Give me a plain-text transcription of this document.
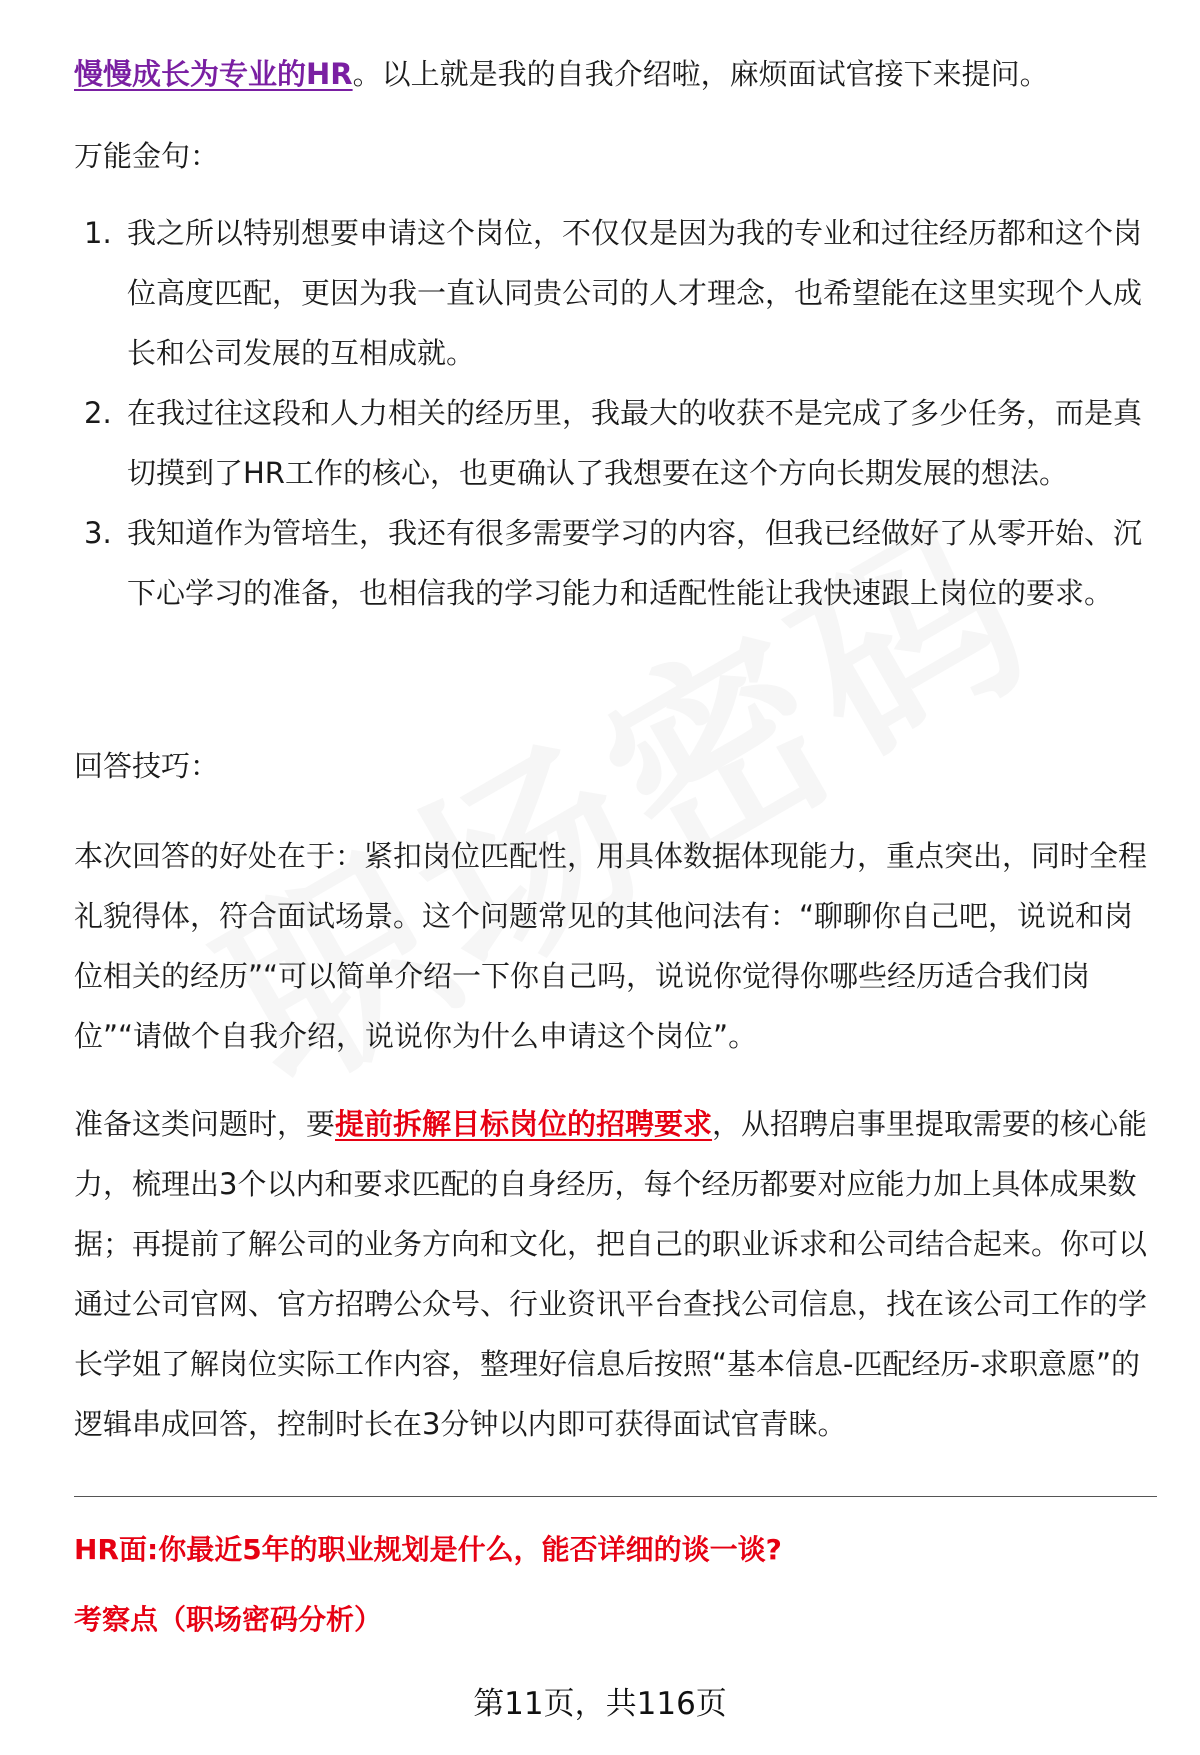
慢慢成长为专业的HR。以上就是我的自我介绍啦，麻烦面试官接下来提问。

万能金句：

1. 我之所以特别想要申请这个岗位，不仅仅是因为我的专业和过往经历都和这个岗位高度匹配，更因为我一直认同贵公司的人才理念，也希望能在这里实现个人成长和公司发展的互相成就。
2. 在我过往这段和人力相关的经历里，我最大的收获不是完成了多少任务，而是真切摸到了HR工作的核心，也更确认了我想要在这个方向长期发展的想法。
3. 我知道作为管培生，我还有很多需要学习的内容，但我已经做好了从零开始、沉下心学习的准备，也相信我的学习能力和适配性能让我快速跟上岗位的要求。

回答技巧：

本次回答的好处在于：紧扣岗位匹配性，用具体数据体现能力，重点突出，同时全程礼貌得体，符合面试场景。这个问题常见的其他问法有：“聊聊你自己吧，说说和岗位相关的经历”“可以简单介绍一下你自己吗，说说你觉得你哪些经历适合我们岗位”“请做个自我介绍，说说你为什么申请这个岗位”。

准备这类问题时，要提前拆解目标岗位的招聘要求，从招聘启事里提取需要的核心能力，梳理出3个以内和要求匹配的自身经历，每个经历都要对应能力加上具体成果数据；再提前了解公司的业务方向和文化，把自己的职业诉求和公司结合起来。你可以通过公司官网、官方招聘公众号、行业资讯平台查找公司信息，找在该公司工作的学长学姐了解岗位实际工作内容，整理好信息后按照“基本信息-匹配经历-求职意愿”的逻辑串成回答，控制时长在3分钟以内即可获得面试官青睐。

HR面:你最近5年的职业规划是什么，能否详细的谈一谈?

考察点（职场密码分析）

第11页，共116页
